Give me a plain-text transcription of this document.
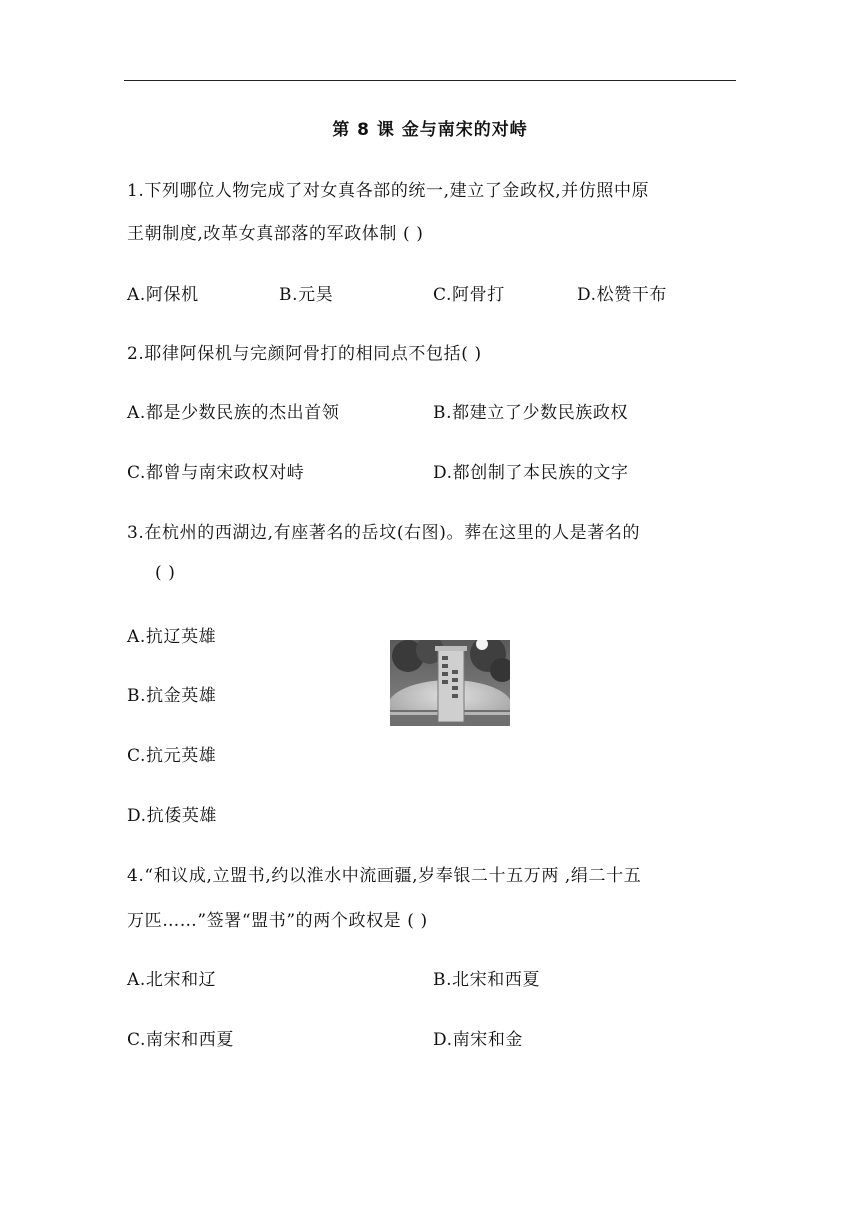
第 8 课 金与南宋的对峙
1.下列哪位人物完成了对女真各部的统一,建立了金政权,并仿照中原
王朝制度,改革女真部落的军政体制 ( )
A.阿保机	B.元昊	C.阿骨打	D.松赞干布
2.耶律阿保机与完颜阿骨打的相同点不包括( )
A.都是少数民族的杰出首领	B.都建立了少数民族政权
C.都曾与南宋政权对峙	D.都创制了本民族的文字
3.在杭州的西湖边,有座著名的岳坟(右图)。葬在这里的人是著名的
( )
A.抗辽英雄
B.抗金英雄
C.抗元英雄
D.抗倭英雄
4.“和议成,立盟书,约以淮水中流画疆,岁奉银二十五万两 ,绢二十五
万匹……”签署“盟书”的两个政权是 ( )
A.北宋和辽	B.北宋和西夏
C.南宋和西夏	D.南宋和金
